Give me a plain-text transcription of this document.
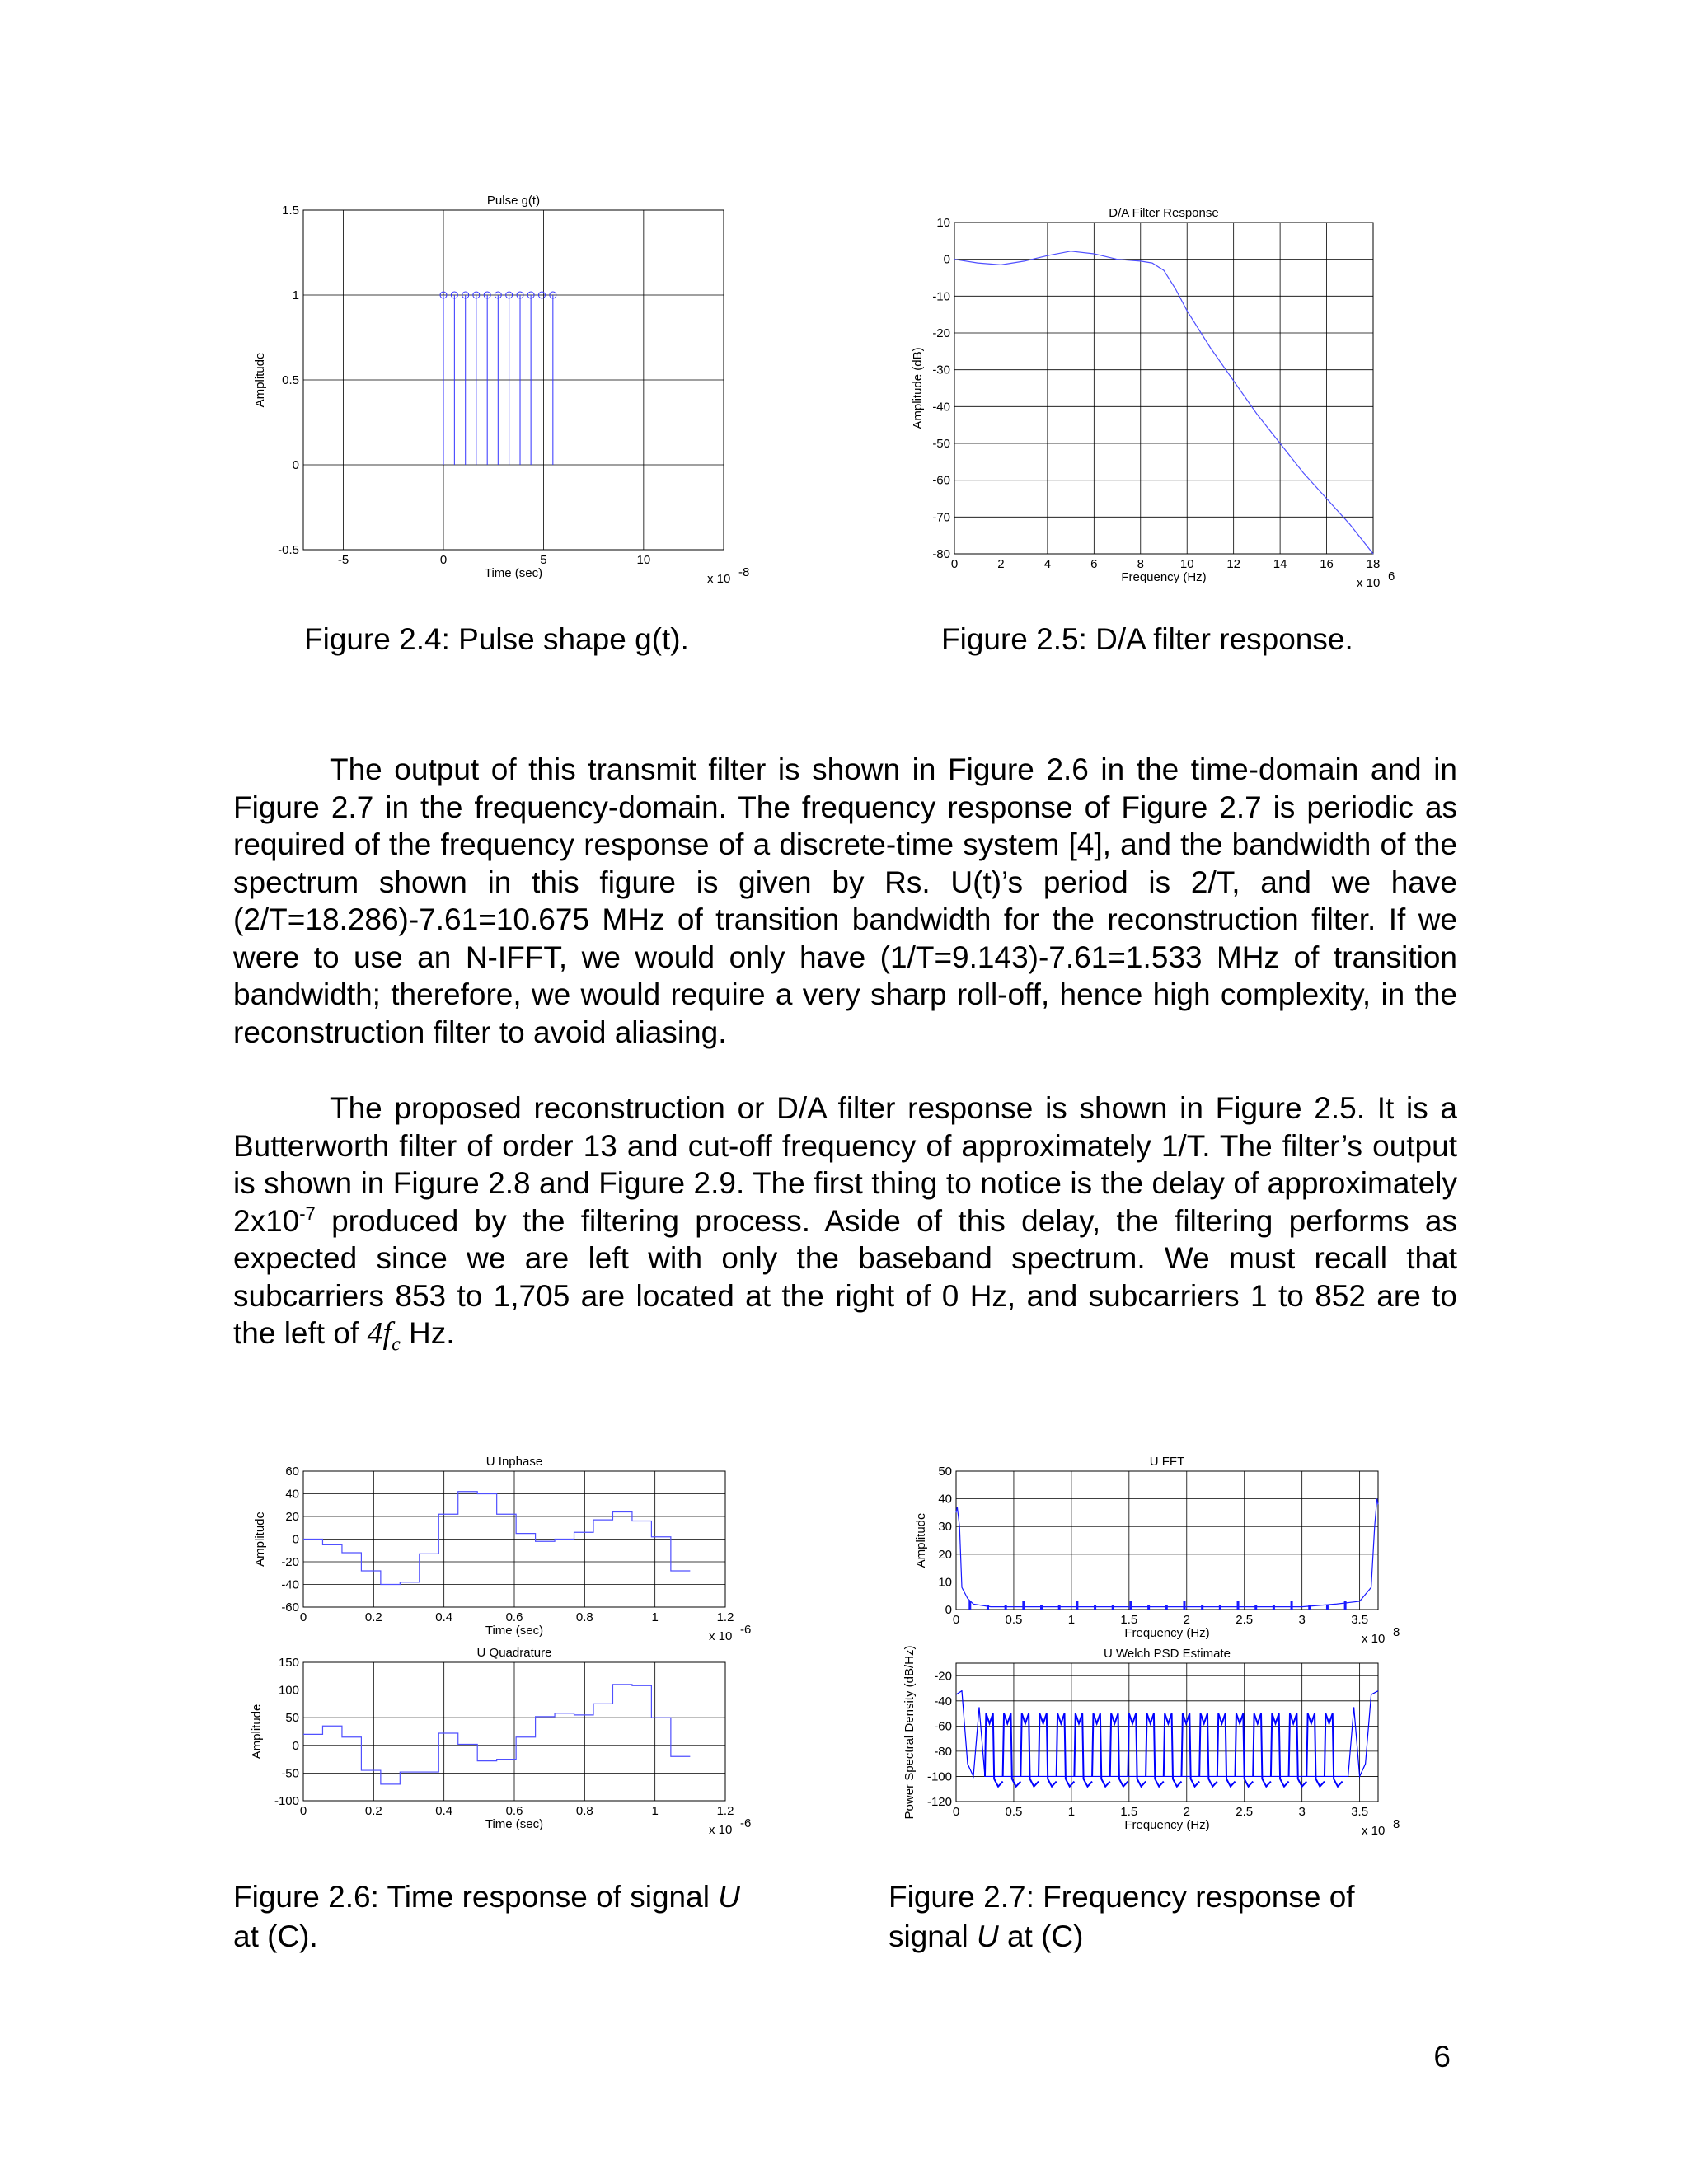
-5	0	5	10
-0.5
0
0.5
1
1.5
Pulse g(t)
Time (sec)
Amplitude
x 10 -8
0	2	4	6	8	10	12	14	16	18
10
0
-10
-20
-30
-40
-50
-60
-70
-80
D/A Filter Response
Frequency (Hz)
Amplitude (dB)
x 10 6
Figure 2.4: Pulse shape g(t).	Figure 2.5: D/A filter response.
The output of this transmit filter is shown in Figure 2.6 in the time-domain and in Figure 2.7 in the frequency-domain. The frequency response of Figure 2.7 is periodic as required of the frequency response of a discrete-time system [4], and the bandwidth of the spectrum shown in this figure is given by Rs. U(t)’s period is 2/T, and we have (2/T=18.286)-7.61=10.675 MHz of transition bandwidth for the reconstruction filter. If we were to use an N-IFFT, we would only have (1/T=9.143)-7.61=1.533 MHz of transition bandwidth; therefore, we would require a very sharp roll-off, hence high complexity, in the reconstruction filter to avoid aliasing.
The proposed reconstruction or D/A filter response is shown in Figure 2.5. It is a Butterworth filter of order 13 and cut-off frequency of approximately 1/T. The filter’s output is shown in Figure 2.8 and Figure 2.9. The first thing to notice is the delay of approximately $2x10^{-7}$ produced by the filtering process. Aside of this delay, the filtering performs as expected since we are left with only the baseband spectrum. We must recall that subcarriers 853 to 1,705 are located at the right of 0 Hz, and subcarriers 1 to 852 are to the left of $4f_c$ Hz.
0	0.2	0.4	0.6	0.8	1	1.2
60
40
20
0
-20
-40
-60
U Inphase
Time (sec)
Amplitude
x 10 -6
0	0.2	0.4	0.6	0.8	1	1.2
150
100
50
0
-50
-100
U Quadrature
Time (sec)
Amplitude
x 10 -6
0	0.5	1	1.5	2	2.5	3	3.5
50
40
30
20
10
0
U FFT
Frequency (Hz)
Amplitude
x 10 8
0	0.5	1	1.5	2	2.5	3	3.5
-20
-40
-60
-80
-100
-120
U Welch PSD Estimate
Frequency (Hz)
Power Spectral Density (dB/Hz)
x 10 8
Figure 2.6: Time response of signal U
at (C).
Figure 2.7: Frequency response of
signal U at (C)
6
